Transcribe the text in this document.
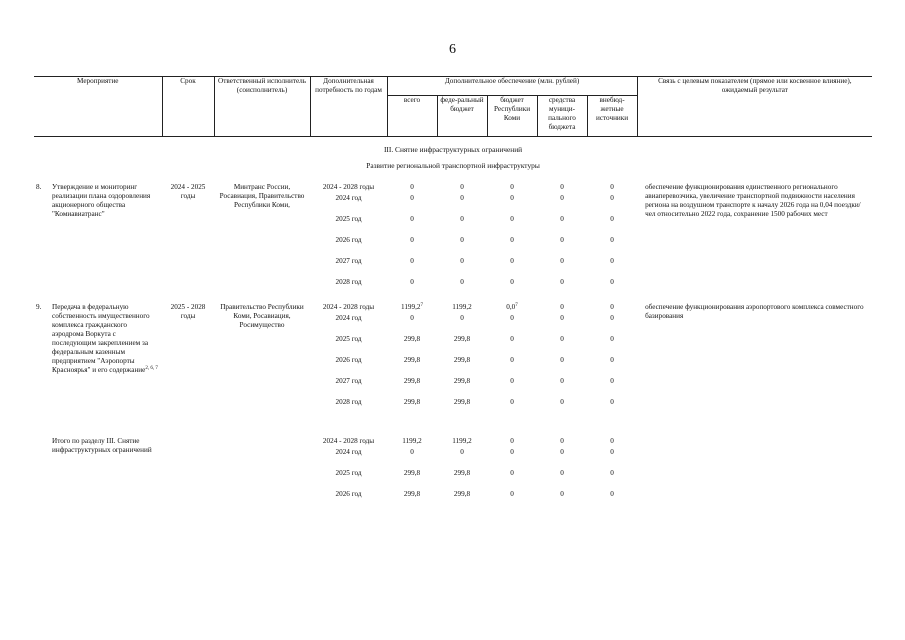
6
Мероприятие		Срок	Ответственный исполнитель (соисполнитель)	Дополнительная потребность по годам	Дополнительное обеспечение (млн. рублей)					Связь с целевым показателем (прямое или косвенное влияние), ожидаемый результат
					всего	феде-ральный бюджет	бюджет Республики Коми	средства муници-пального бюджета	внебюд-жетные источники	

III. Снятие инфраструктурных ограничений										
Развитие региональной транспортной инфраструктуры										
8.	Утверждение и мониторинг реализации плана оздоровления акционерного общества "Комиавиатранс"	2024 - 2025 годы	Минтранс России, Росавиация, Правительство Республики Коми,	2024 - 2028 годы	0	0	0	0	0	обеспечение функционирования единственного регионального авиаперевозчика, увеличение транспортной подвижности населения региона на воздушном транспорте к началу 2026 года на 0,04 поездки/чел относительно 2022 года, сохранение 1500 рабочих мест
				2024 год	0	0	0	0	0	
				2025 год	0	0	0	0	0	
				2026 год	0	0	0	0	0	
				2027 год	0	0	0	0	0	
				2028 год	0	0	0	0	0	

9.	Передача в федеральную собственность имущественного комплекса гражданского аэродрома Воркута с последующим закреплением за федеральным казенным предприятием "Аэропорты Красноярья" и его содержание$^{2, 6, 7}$	2025 - 2028 годы	Правительство Республики Коми, Росавиация, Росимущество	2024 - 2028 годы	1199,2$^7$	1199,2	$0,0^7$	0	0	обеспечение функционирования аэропортового комплекса совместного базирования
				2024 год	0	0	0	0	0	
				2025 год	299,8	299,8	0	0	0	
				2026 год	299,8	299,8	0	0	0	
				2027 год	299,8	299,8	0	0	0	
				2028 год	299,8	299,8	0	0	0	

	Итого по разделу III. Снятие инфраструктурных ограничений			2024 - 2028 годы	1199,2	1199,2	0	0	0	
				2024 год	0	0	0	0	0	
				2025 год	299,8	299,8	0	0	0	
				2026 год	299,8	299,8	0	0	0	
